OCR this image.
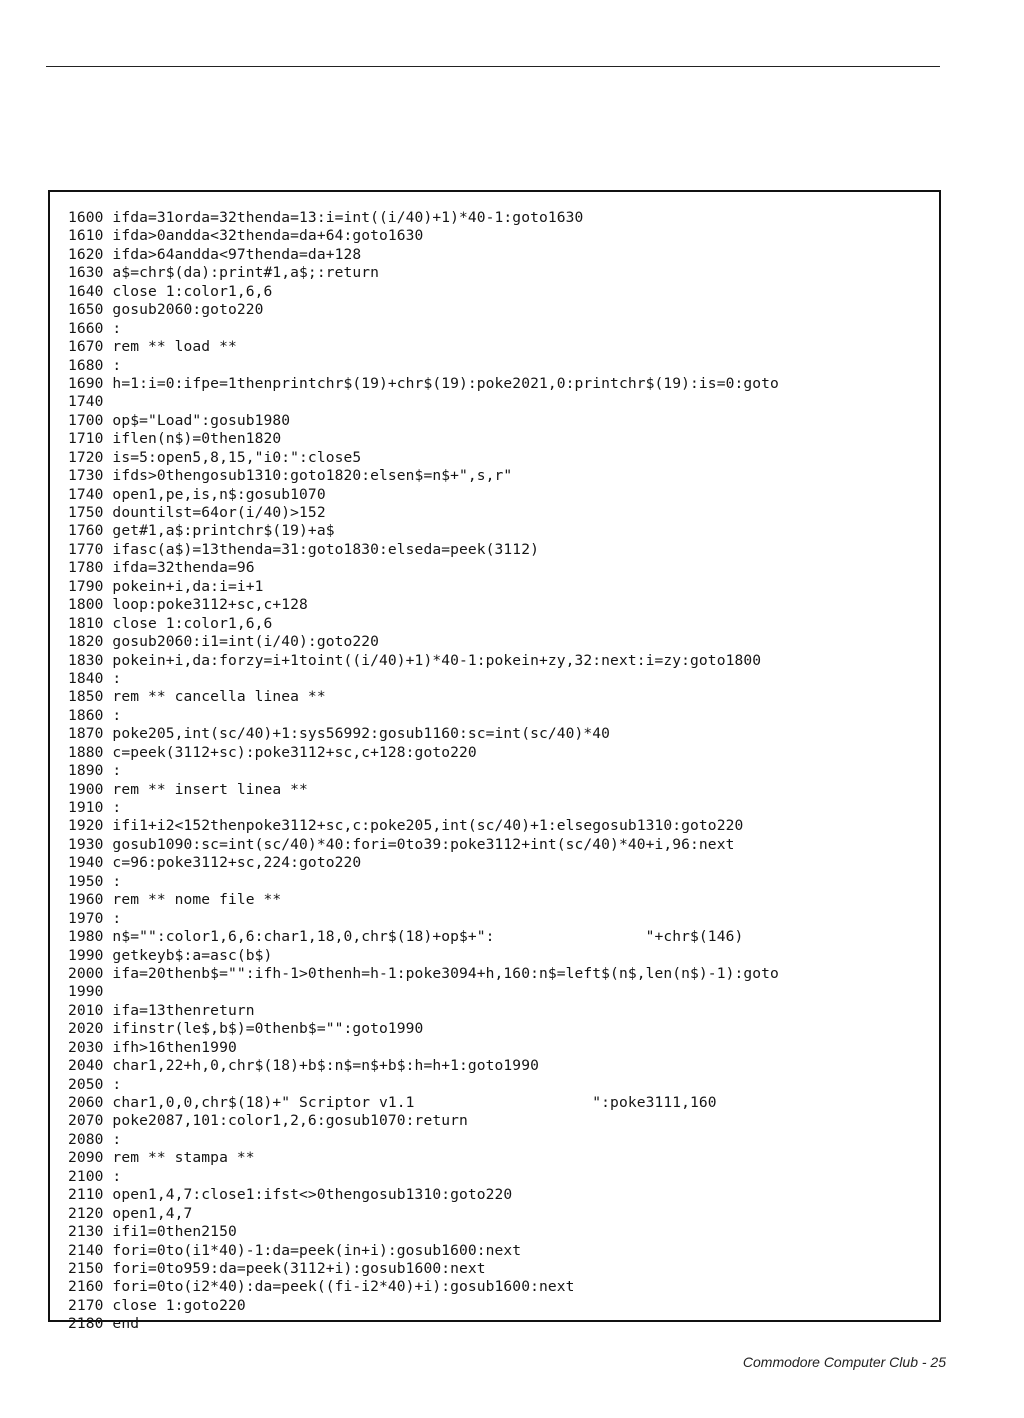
1600 ifda=31orda=32thenda=13:i=int((i/40)+1)*40-1:goto1630
1610 ifda>0andda<32thenda=da+64:goto1630
1620 ifda>64andda<97thenda=da+128
1630 a$=chr$(da):print#1,a$;:return
1640 close 1:color1,6,6
1650 gosub2060:goto220
1660 :
1670 rem ** load **
1680 :
1690 h=1:i=0:ifpe=1thenprintchr$(19)+chr$(19):poke2021,0:printchr$(19):is=0:goto
1740
1700 op$="Load":gosub1980
1710 iflen(n$)=0then1820
1720 is=5:open5,8,15,"i0:":close5
1730 ifds>0thengosub1310:goto1820:elsen$=n$+",s,r"
1740 open1,pe,is,n$:gosub1070
1750 dountilst=64or(i/40)>152
1760 get#1,a$:printchr$(19)+a$
1770 ifasc(a$)=13thenda=31:goto1830:elseda=peek(3112)
1780 ifda=32thenda=96
1790 pokein+i,da:i=i+1
1800 loop:poke3112+sc,c+128
1810 close 1:color1,6,6
1820 gosub2060:i1=int(i/40):goto220
1830 pokein+i,da:forzy=i+1toint((i/40)+1)*40-1:pokein+zy,32:next:i=zy:goto1800
1840 :
1850 rem ** cancella linea **
1860 :
1870 poke205,int(sc/40)+1:sys56992:gosub1160:sc=int(sc/40)*40
1880 c=peek(3112+sc):poke3112+sc,c+128:goto220
1890 :
1900 rem ** insert linea **
1910 :
1920 ifi1+i2<152thenpoke3112+sc,c:poke205,int(sc/40)+1:elsegosub1310:goto220
1930 gosub1090:sc=int(sc/40)*40:fori=0to39:poke3112+int(sc/40)*40+i,96:next
1940 c=96:poke3112+sc,224:goto220
1950 :
1960 rem ** nome file **
1970 :
1980 n$="":color1,6,6:char1,18,0,chr$(18)+op$+":                 "+chr$(146)
1990 getkeyb$:a=asc(b$)
2000 ifa=20thenb$="":ifh-1>0thenh=h-1:poke3094+h,160:n$=left$(n$,len(n$)-1):goto
1990
2010 ifa=13thenreturn
2020 ifinstr(le$,b$)=0thenb$="":goto1990
2030 ifh>16then1990
2040 char1,22+h,0,chr$(18)+b$:n$=n$+b$:h=h+1:goto1990
2050 :
2060 char1,0,0,chr$(18)+" Scriptor v1.1                    ":poke3111,160
2070 poke2087,101:color1,2,6:gosub1070:return
2080 :
2090 rem ** stampa **
2100 :
2110 open1,4,7:close1:ifst<>0thengosub1310:goto220
2120 open1,4,7
2130 ifi1=0then2150
2140 fori=0to(i1*40)-1:da=peek(in+i):gosub1600:next
2150 fori=0to959:da=peek(3112+i):gosub1600:next
2160 fori=0to(i2*40):da=peek((fi-i2*40)+i):gosub1600:next
2170 close 1:goto220
2180 end
Commodore Computer Club - 25
